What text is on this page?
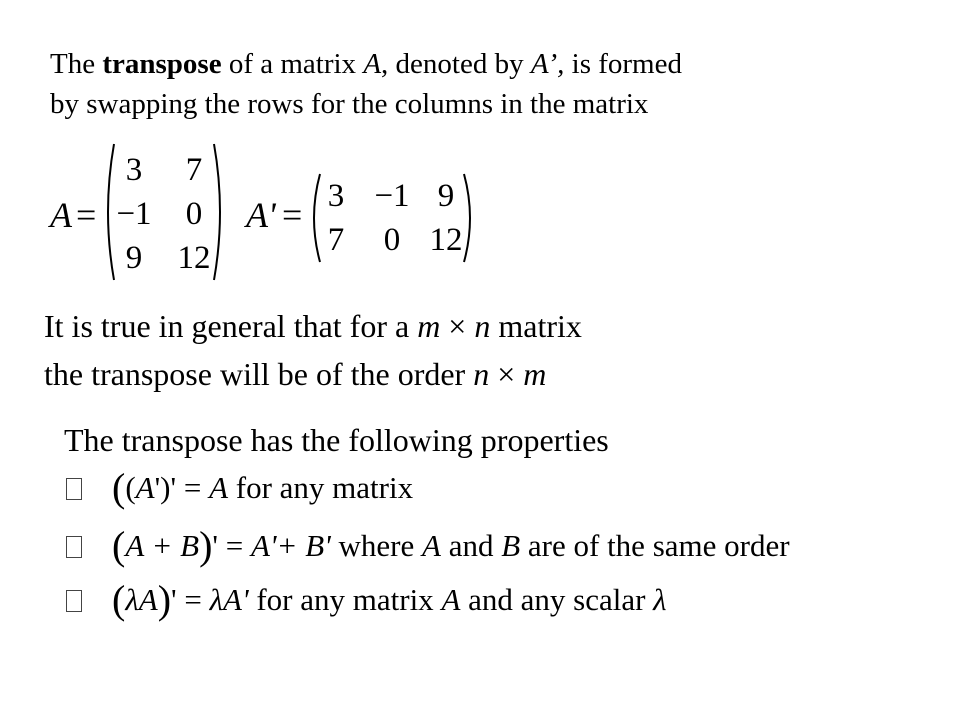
The transpose of a matrix A, denoted by A’, is formed
by swapping the rows for the columns in the matrix
A =
3	7
−1	0
9	12
A' = 3 −1 9
7	0 12
It is true in general that for a m × n matrix
the transpose will be of the order n × m
The transpose has the following properties
((A')' = A for any matrix
(A + B)' = A'+ B' where A and B are of the same order
(λA)' = λA' for any matrix A and any scalar λ
